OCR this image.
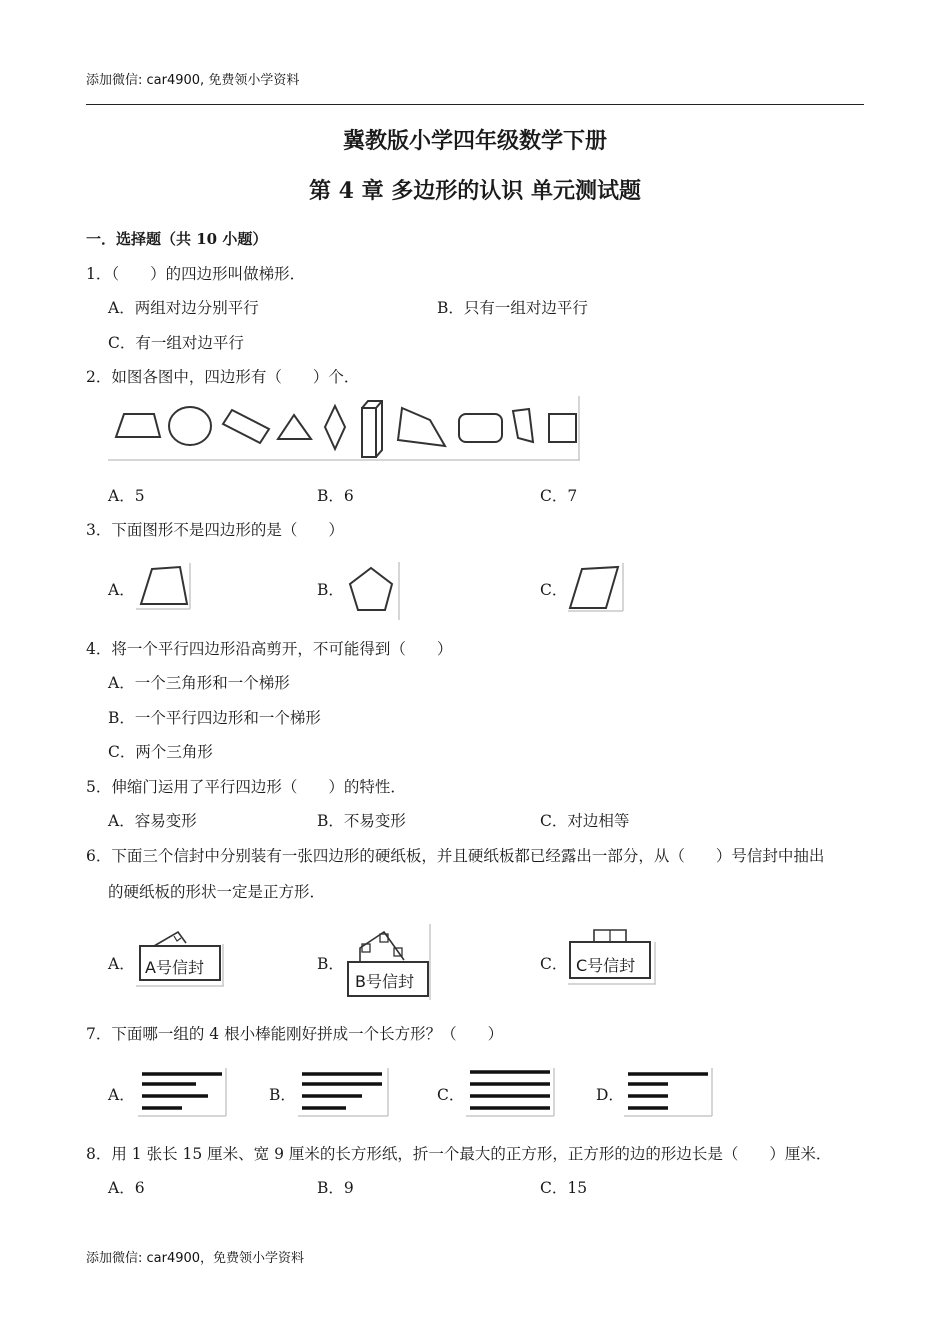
添加微信: car4900, 免费领小学资料
冀教版小学四年级数学下册
第 4 章 多边形的认识 单元测试题
一．选择题（共 10 小题）
1．（　　）的四边形叫做梯形．
A．两组对边分别平行	B．只有一组对边平行
C．有一组对边平行
2．如图各图中，四边形有（　　）个．
A．5	B．6	C．7
3．下面图形不是四边形的是（　　）
A．	B．	C．
4．将一个平行四边形沿高剪开，不可能得到（　　）
A．一个三角形和一个梯形
B．一个平行四边形和一个梯形
C．两个三角形
5．伸缩门运用了平行四边形（　　）的特性．
A．容易变形	B．不易变形	C．对边相等
6．下面三个信封中分别装有一张四边形的硬纸板，并且硬纸板都已经露出一部分，从（　　）号信封中抽出
的硬纸板的形状一定是正方形．
A． A号信封	B．
B号信封
C． C号信封
7．下面哪一组的 4 根小棒能刚好拼成一个长方形？（　　）
A．	B．	C．	D．
8．用 1 张长 15 厘米、宽 9 厘米的长方形纸，折一个最大的正方形，正方形的边的形边长是（　　）厘米．
A．6	B．9	C．15
添加微信: car4900，免费领小学资料
